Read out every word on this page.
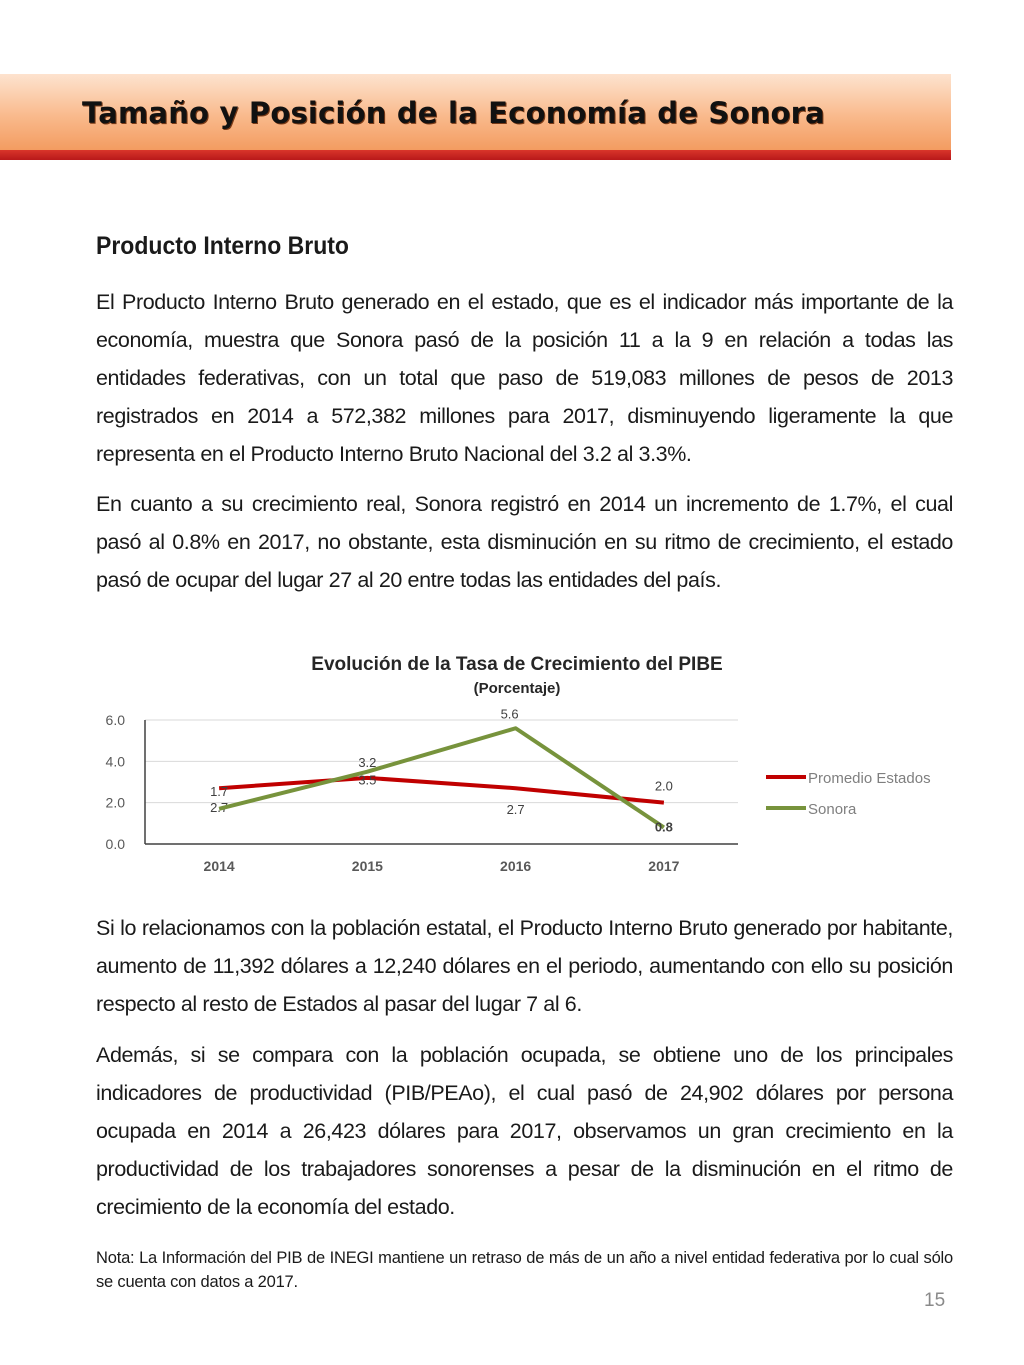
Tamaño y Posición de la Economía de Sonora
Producto Interno Bruto

El Producto Interno Bruto generado en el estado, que es el indicador más importante de la economía, muestra que Sonora pasó de la posición 11 a la 9 en relación a todas las entidades federativas, con un total que paso de 519,083 millones de pesos de 2013 registrados en 2014 a 572,382 millones para 2017, disminuyendo ligeramente la que representa en el Producto Interno Bruto Nacional del 3.2 al 3.3%.

En cuanto a su crecimiento real, Sonora registró en 2014 un incremento de 1.7%, el cual pasó al 0.8% en 2017, no obstante, esta disminución en su ritmo de crecimiento, el estado pasó de ocupar del lugar 27 al 20 entre todas las entidades del país.

Evolución de la Tasa de Crecimiento del PIBE
(Porcentaje)
0.0
2.0
4.0
6.0
2014	2015	2016	2017
2.7
3.2
2.7
2.0
1.7
3.5
5.6
0.8
Promedio Estados
Sonora

Si lo relacionamos con la población estatal, el Producto Interno Bruto generado por habitante, aumento de 11,392 dólares a 12,240 dólares en el periodo, aumentando con ello su posición respecto al resto de Estados al pasar del lugar 7 al 6.

Además, si se compara con la población ocupada, se obtiene uno de los principales indicadores de productividad (PIB/PEAo), el cual pasó de 24,902 dólares por persona ocupada en 2014 a 26,423 dólares para 2017, observamos un gran crecimiento en la productividad de los trabajadores sonorenses a pesar de la disminución en el ritmo de crecimiento de la economía del estado.

Nota: La Información del PIB de INEGI mantiene un retraso de más de un año a nivel entidad federativa por lo cual sólo se cuenta con datos a 2017.

15
